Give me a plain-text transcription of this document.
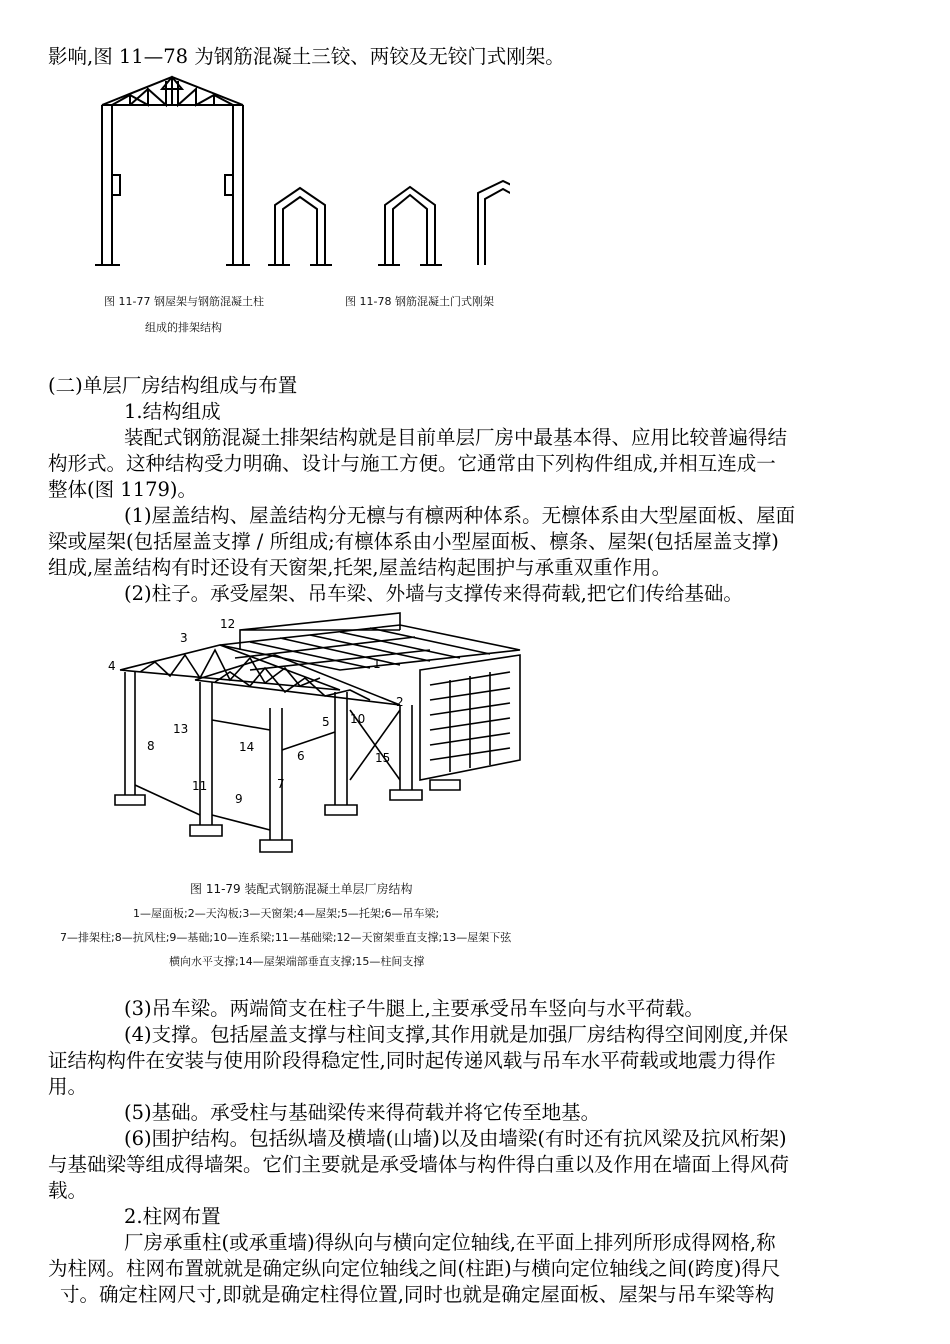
影响,图 11—78 为钢筋混凝土三铰、两铰及无铰门式刚架。
图 11-77 钢屋架与钢筋混凝土柱
组成的排架结构
图 11-78 钢筋混凝土门式刚架
(二)单层厂房结构组成与布置
1.结构组成
装配式钢筋混凝土排架结构就是目前单层厂房中最基本得、应用比较普遍得结
构形式。这种结构受力明确、设计与施工方便。它通常由下列构件组成,并相互连成一
整体(图 1179)。
(1)屋盖结构、屋盖结构分无檩与有檩两种体系。无檩体系由大型屋面板、屋面
梁或屋架(包括屋盖支撑 / 所组成;有檩体系由小型屋面板、檩条、屋架(包括屋盖支撑)
组成,屋盖结构有时还设有天窗架,托架,屋盖结构起围护与承重双重作用。
(2)柱子。承受屋架、吊车梁、外墙与支撑传来得荷载,把它们传给基础。
1
2
3
4
5
6
7
8
9
10
11
12
13
14
15
图 11-79 装配式钢筋混凝土单层厂房结构
1—屋面板;2—天沟板;3—天窗架;4—屋架;5—托架;6—吊车梁;
7—排架柱;8—抗风柱;9—基础;10—连系梁;11—基础梁;12—天窗架垂直支撑;13—屋架下弦
横向水平支撑;14—屋架端部垂直支撑;15—柱间支撑
(3)吊车梁。两端简支在柱子牛腿上,主要承受吊车竖向与水平荷载。
(4)支撑。包括屋盖支撑与柱间支撑,其作用就是加强厂房结构得空间刚度,并保
证结构构件在安装与使用阶段得稳定性,同时起传递风载与吊车水平荷载或地震力得作
用。
(5)基础。承受柱与基础梁传来得荷载并将它传至地基。
(6)围护结构。包括纵墙及横墙(山墙)以及由墙梁(有时还有抗风梁及抗风桁架)
与基础梁等组成得墙架。它们主要就是承受墙体与构件得白重以及作用在墙面上得风荷
载。
2.柱网布置
厂房承重柱(或承重墙)得纵向与横向定位轴线,在平面上排列所形成得网格,称
为柱网。柱网布置就就是确定纵向定位轴线之间(柱距)与横向定位轴线之间(跨度)得尺
寸。确定柱网尺寸,即就是确定柱得位置,同时也就是确定屋面板、屋架与吊车梁等构
